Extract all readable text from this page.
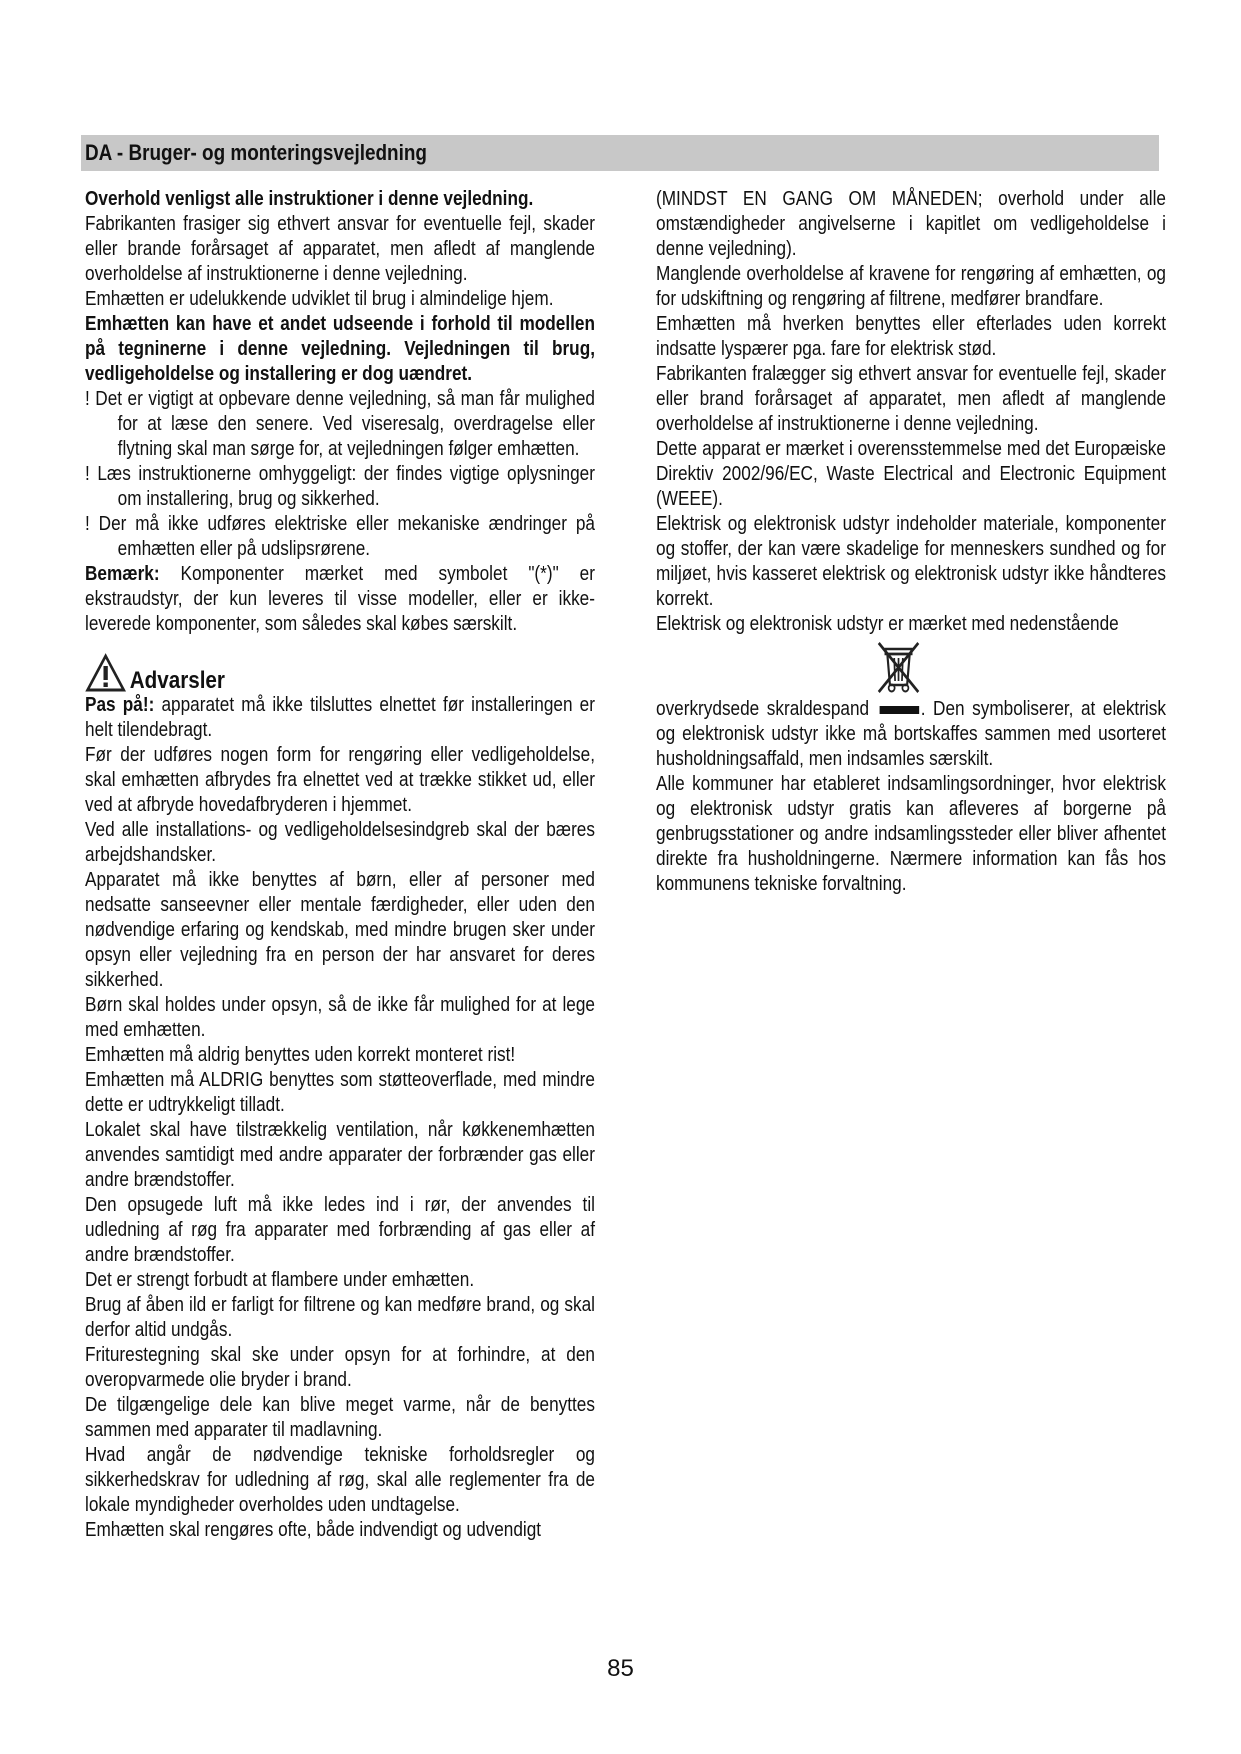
DA - Bruger- og monteringsvejledning

Overhold venligst alle instruktioner i denne vejledning.

Fabrikanten frasiger sig ethvert ansvar for eventuelle fejl, skader eller brande forårsaget af apparatet, men afledt af manglende overholdelse af instruktionerne i denne vejledning.

Emhætten er udelukkende udviklet til brug i almindelige hjem.

Emhætten kan have et andet udseende i forhold til modellen på tegninerne i denne vejledning. Vejledningen til brug, vedligeholdelse og installering er dog uændret.

! Det er vigtigt at opbevare denne vejledning, så man får mulighed for at læse den senere. Ved viseresalg, overdragelse eller flytning skal man sørge for, at vejledningen følger emhætten.

! Læs instruktionerne omhyggeligt: der findes vigtige oplysninger om installering, brug og sikkerhed.

! Der må ikke udføres elektriske eller mekaniske ændringer på emhætten eller på udslipsrørene.

Bemærk: Komponenter mærket med symbolet "(*)" er ekstraudstyr, der kun leveres til visse modeller, eller er ikke-leverede komponenter, som således skal købes særskilt.

Advarsler

Pas på!: apparatet må ikke tilsluttes elnettet før installeringen er helt tilendebragt.

Før der udføres nogen form for rengøring eller vedligeholdelse, skal emhætten afbrydes fra elnettet ved at trække stikket ud, eller ved at afbryde hovedafbryderen i hjemmet.

Ved alle installations- og vedligeholdelsesindgreb skal der bæres arbejdshandsker.

Apparatet må ikke benyttes af børn, eller af personer med nedsatte sanseevner eller mentale færdigheder, eller uden den nødvendige erfaring og kendskab, med mindre brugen sker under opsyn eller vejledning fra en person der har ansvaret for deres sikkerhed.

Børn skal holdes under opsyn, så de ikke får mulighed for at lege med emhætten.

Emhætten må aldrig benyttes uden korrekt monteret rist!

Emhætten må ALDRIG benyttes som støtteoverflade, med mindre dette er udtrykkeligt tilladt.

Lokalet skal have tilstrækkelig ventilation, når køkkenemhætten anvendes samtidigt med andre apparater der forbrænder gas eller andre brændstoffer.

Den opsugede luft må ikke ledes ind i rør, der anvendes til udledning af røg fra apparater med forbrænding af gas eller af andre brændstoffer.

Det er strengt forbudt at flambere under emhætten.

Brug af åben ild er farligt for filtrene og kan medføre brand, og skal derfor altid undgås.

Friturestegning skal ske under opsyn for at forhindre, at den overopvarmede olie bryder i brand.

De tilgængelige dele kan blive meget varme, når de benyttes sammen med apparater til madlavning.

Hvad angår de nødvendige tekniske forholdsregler og sikkerhedskrav for udledning af røg, skal alle reglementer fra de lokale myndigheder overholdes uden undtagelse.

Emhætten skal rengøres ofte, både indvendigt og udvendigt

(MINDST EN GANG OM MÅNEDEN; overhold under alle omstændigheder angivelserne i kapitlet om vedligeholdelse i denne vejledning).

Manglende overholdelse af kravene for rengøring af emhætten, og for udskiftning og rengøring af filtrene, medfører brandfare.

Emhætten må hverken benyttes eller efterlades uden korrekt indsatte lyspærer pga. fare for elektrisk stød.

Fabrikanten fralægger sig ethvert ansvar for eventuelle fejl, skader eller brand forårsaget af apparatet, men afledt af manglende overholdelse af instruktionerne i denne vejledning.

Dette apparat er mærket i overensstemmelse med det Europæiske Direktiv 2002/96/EC, Waste Electrical and Electronic Equipment (WEEE).

Elektrisk og elektronisk udstyr indeholder materiale, komponenter og stoffer, der kan være skadelige for menneskers sundhed og for miljøet, hvis kasseret elektrisk og elektronisk udstyr ikke håndteres korrekt.

Elektrisk og elektronisk udstyr er mærket med nedenstående

overkrydsede skraldespand	. Den symboliserer, at elektrisk og elektronisk udstyr ikke må bortskaffes sammen med usorteret husholdningsaffald, men indsamles særskilt.

Alle kommuner har etableret indsamlingsordninger, hvor elektrisk og elektronisk udstyr gratis kan afleveres af borgerne på genbrugsstationer og andre indsamlingssteder eller bliver afhentet direkte fra husholdningerne. Nærmere information kan fås hos kommunens tekniske forvaltning.

85
